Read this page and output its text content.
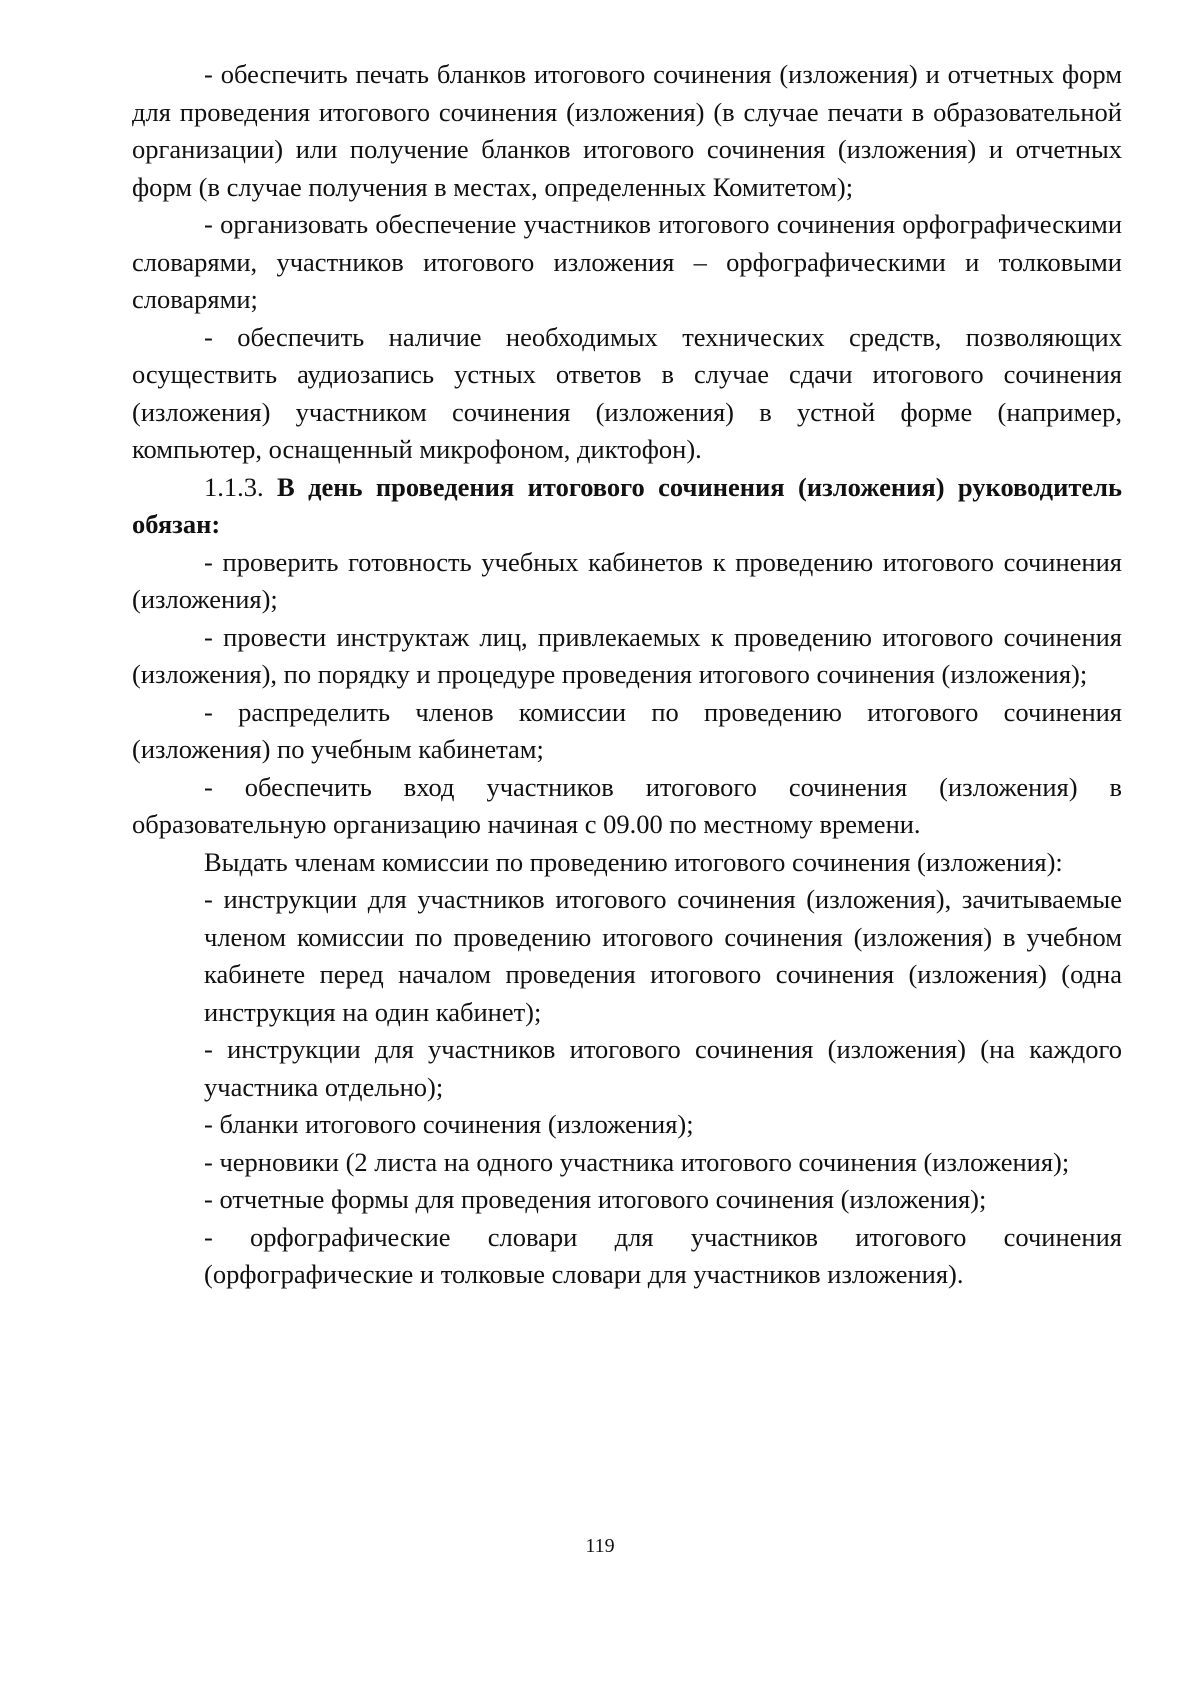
- обеспечить печать бланков итогового сочинения (изложения) и отчетных форм для проведения итогового сочинения (изложения) (в случае печати в образовательной организации) или получение бланков итогового сочинения (изложения) и отчетных форм (в случае получения в местах, определенных Комитетом);

- организовать обеспечение участников итогового сочинения орфографическими словарями, участников итогового изложения – орфографическими и толковыми словарями;

- обеспечить наличие необходимых технических средств, позволяющих осуществить аудиозапись устных ответов в случае сдачи итогового сочинения (изложения) участником сочинения (изложения) в устной форме (например, компьютер, оснащенный микрофоном, диктофон).

1.1.3. В день проведения итогового сочинения (изложения) руководитель обязан:

- проверить готовность учебных кабинетов к проведению итогового сочинения (изложения);

- провести инструктаж лиц, привлекаемых к проведению итогового сочинения (изложения), по порядку и процедуре проведения итогового сочинения (изложения);

- распределить членов комиссии по проведению итогового сочинения (изложения) по учебным кабинетам;

- обеспечить вход участников итогового сочинения (изложения) в образовательную организацию начиная с 09.00 по местному времени.

Выдать членам комиссии по проведению итогового сочинения (изложения):

- инструкции для участников итогового сочинения (изложения), зачитываемые членом комиссии по проведению итогового сочинения (изложения) в учебном кабинете перед началом проведения итогового сочинения (изложения) (одна инструкция на один кабинет);

- инструкции для участников итогового сочинения (изложения) (на каждого участника отдельно);

- бланки итогового сочинения (изложения);

- черновики (2 листа на одного участника итогового сочинения (изложения);

- отчетные формы для проведения итогового сочинения (изложения);

- орфографические словари для участников итогового сочинения (орфографические и толковые словари для участников изложения).

119
